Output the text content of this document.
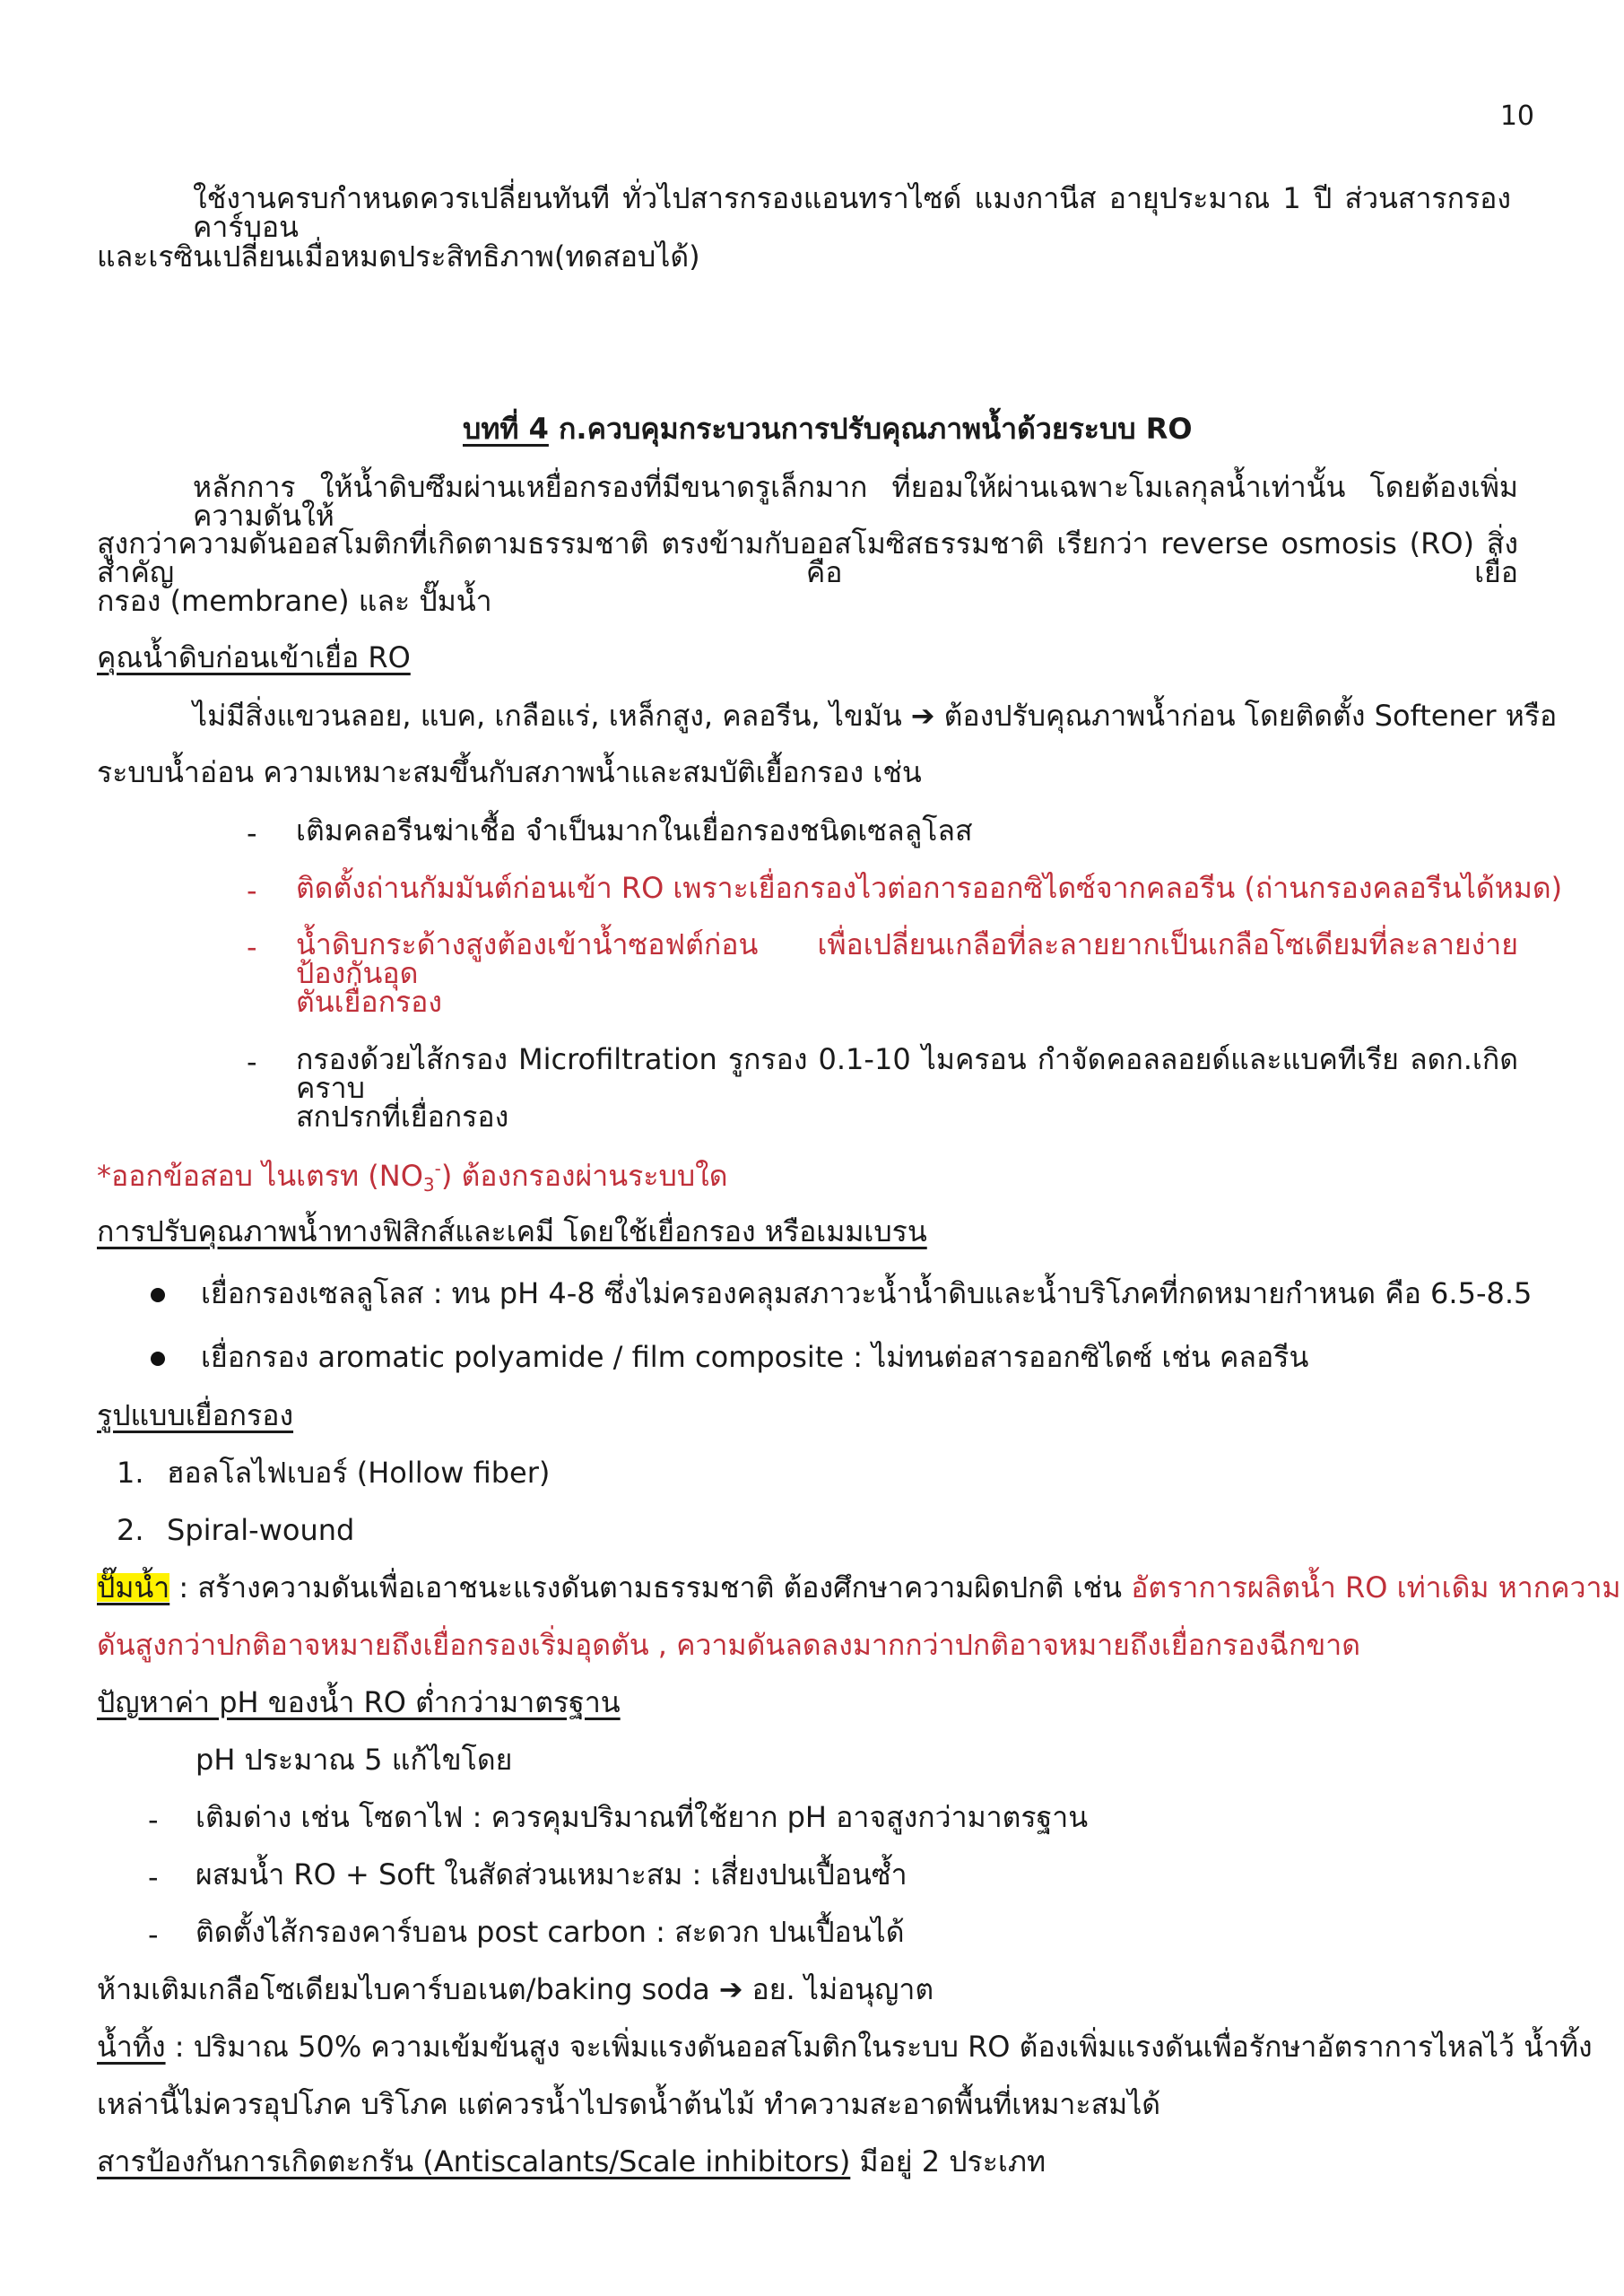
10
ใช้งานครบกำหนดควรเปลี่ยนทันที ทั่วไปสารกรองแอนทราไซด์ แมงกานีส อายุประมาณ 1 ปี ส่วนสารกรองคาร์บอน
และเรซินเปลี่ยนเมื่อหมดประสิทธิภาพ(ทดสอบได้)
บทที่ 4 ก.ควบคุมกระบวนการปรับคุณภาพน้ำด้วยระบบ RO
หลักการ ให้น้ำดิบซึมผ่านเหยื่อกรองที่มีขนาดรูเล็กมาก ที่ยอมให้ผ่านเฉพาะโมเลกุลน้ำเท่านั้น โดยต้องเพิ่มความดันให้
สูงกว่าความดันออสโมติกที่เกิดตามธรรมชาติ ตรงข้ามกับออสโมซิสธรรมชาติ เรียกว่า reverse osmosis (RO) สิ่งสำคัญ คือ เยื่อ
กรอง (membrane) และ ปั๊มน้ำ
คุณน้ำดิบก่อนเข้าเยื่อ RO
ไม่มีสิ่งแขวนลอย, แบค, เกลือแร่, เหล็กสูง, คลอรีน, ไขมัน ➔ ต้องปรับคุณภาพน้ำก่อน โดยติดตั้ง Softener หรือ
ระบบน้ำอ่อน ความเหมาะสมขึ้นกับสภาพน้ำและสมบัติเยื้อกรอง เช่น
- เติมคลอรีนฆ่าเชื้อ จำเป็นมากในเยื่อกรองชนิดเซลลูโลส
- ติดตั้งถ่านกัมมันต์ก่อนเข้า RO เพราะเยื่อกรองไวต่อการออกซิไดซ์จากคลอรีน (ถ่านกรองคลอรีนได้หมด)
- น้ำดิบกระด้างสูงต้องเข้าน้ำซอฟต์ก่อน เพื่อเปลี่ยนเกลือที่ละลายยากเป็นเกลือโซเดียมที่ละลายง่าย ป้องกันอุด
ตันเยื่อกรอง
- กรองด้วยไส้กรอง Microfiltration รูกรอง 0.1-10 ไมครอน กำจัดคอลลอยด์และแบคทีเรีย ลดก.เกิดคราบ
สกปรกที่เยื่อกรอง
*ออกข้อสอบ ไนเตรท $(NO_3^-)$ ต้องกรองผ่านระบบใด
การปรับคุณภาพน้ำทางฟิสิกส์และเคมี โดยใช้เยื่อกรอง หรือเมมเบรน
เยื่อกรองเซลลูโลส : ทน pH 4-8 ซึ่งไม่ครองคลุมสภาวะน้ำน้ำดิบและน้ำบริโภคที่กดหมายกำหนด คือ 6.5-8.5
เยื่อกรอง aromatic polyamide / film composite : ไม่ทนต่อสารออกซิไดซ์ เช่น คลอรีน
รูปแบบเยื่อกรอง
1. ฮอลโลไฟเบอร์ (Hollow fiber)
2. Spiral-wound
ปั๊มน้ำ : สร้างความดันเพื่อเอาชนะแรงดันตามธรรมชาติ ต้องศึกษาความผิดปกติ เช่น อัตราการผลิตน้ำ RO เท่าเดิม หากความ
ดันสูงกว่าปกติอาจหมายถึงเยื่อกรองเริ่มอุดตัน , ความดันลดลงมากกว่าปกติอาจหมายถึงเยื่อกรองฉีกขาด
ปัญหาค่า pH ของน้ำ RO ต่ำกว่ามาตรฐาน
pH ประมาณ 5 แก้ไขโดย
- เติมด่าง เช่น โซดาไฟ : ควรคุมปริมาณที่ใช้ยาก pH อาจสูงกว่ามาตรฐาน
- ผสมน้ำ RO + Soft ในสัดส่วนเหมาะสม : เสี่ยงปนเปื้อนซ้ำ
- ติดตั้งไส้กรองคาร์บอน post carbon : สะดวก ปนเปื้อนได้
ห้ามเติมเกลือโซเดียมไบคาร์บอเนต/baking soda ➔ อย. ไม่อนุญาต
น้ำทิ้ง : ปริมาณ 50% ความเข้มข้นสูง จะเพิ่มแรงดันออสโมติกในระบบ RO ต้องเพิ่มแรงดันเพื่อรักษาอัตราการไหลไว้ น้ำทิ้ง
เหล่านี้ไม่ควรอุปโภค บริโภค แต่ควรน้ำไปรดน้ำต้นไม้ ทำความสะอาดพื้นที่เหมาะสมได้
สารป้องกันการเกิดตะกรัน (Antiscalants/Scale inhibitors) มีอยู่ 2 ประเภท
